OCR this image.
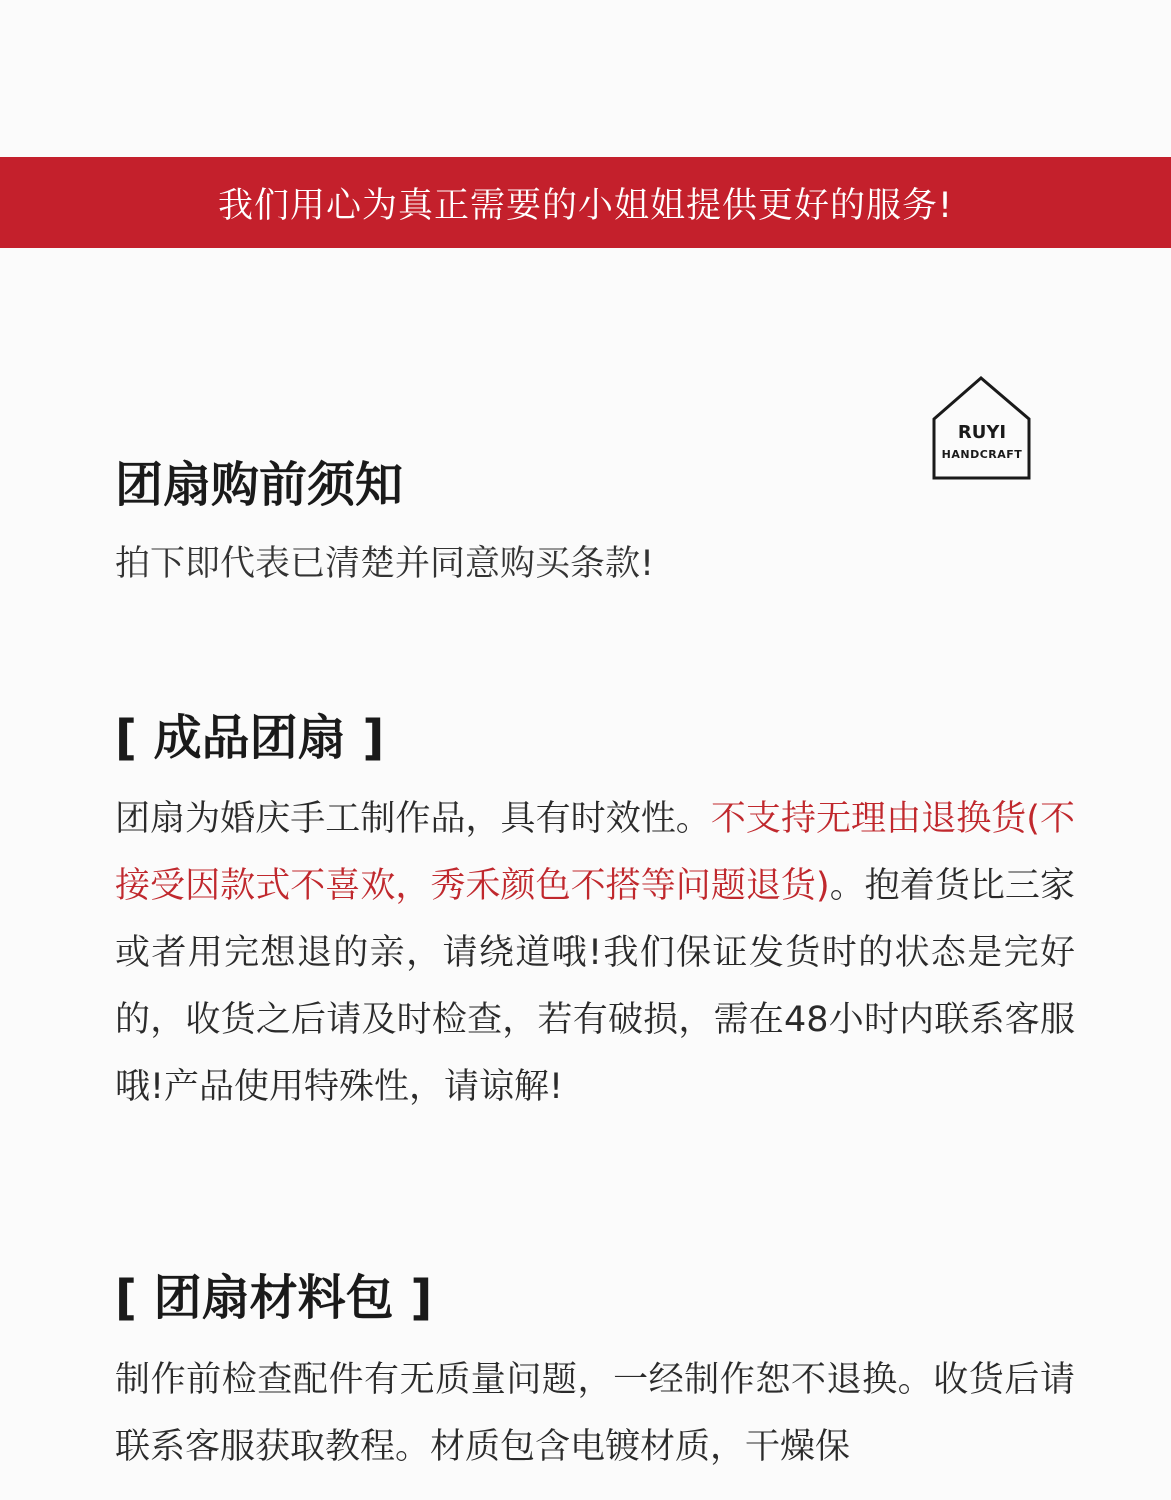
我们用心为真正需要的小姐姐提供更好的服务!
RUYI
HANDCRAFT
团扇购前须知
拍下即代表已清楚并同意购买条款!
[ 成品团扇 ]

团扇为婚庆手工制作品，具有时效性。不支持无理由退换货(不接受因款式不喜欢，秀禾颜色不搭等问题退货)。抱着货比三家或者用完想退的亲，请绕道哦!我们保证发货时的状态是完好的，收货之后请及时检查，若有破损，需在48小时内联系客服哦!产品使用特殊性，请谅解!

[ 团扇材料包 ]

制作前检查配件有无质量问题，一经制作恕不退换。收货后请联系客服获取教程。材质包含电镀材质，干燥保
